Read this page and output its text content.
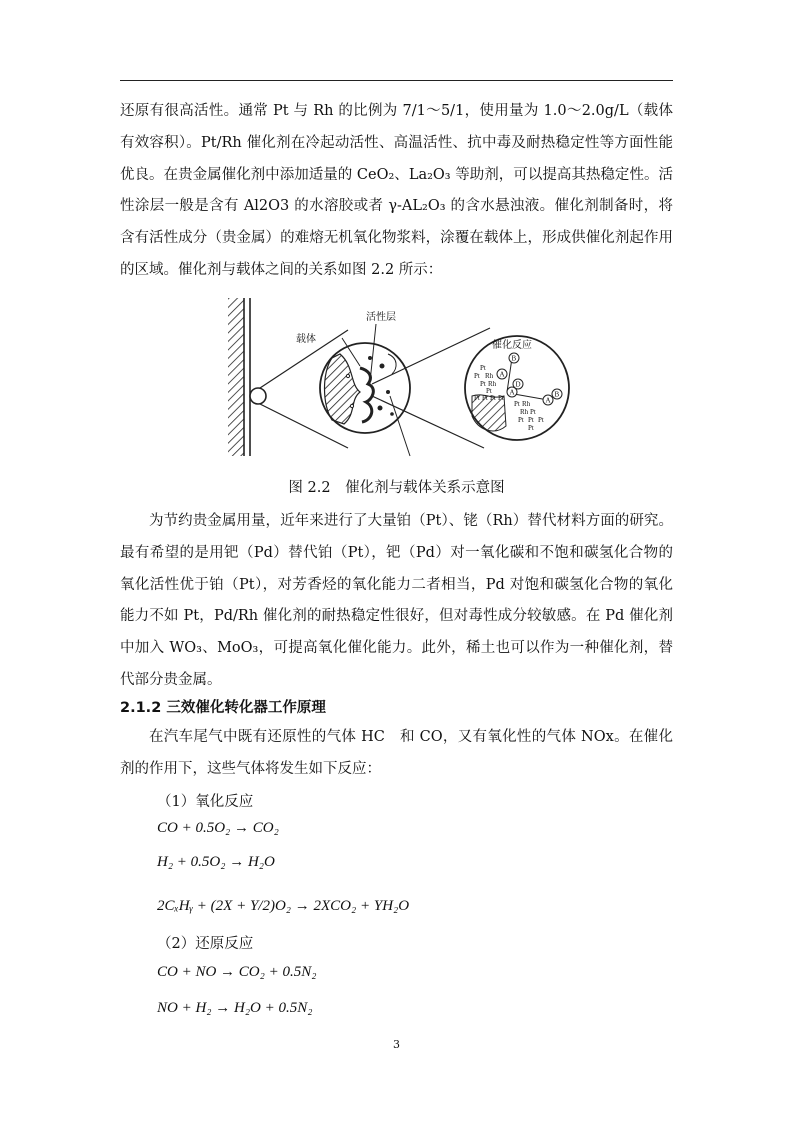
还原有很高活性。通常 Pt 与 Rh 的比例为 7/1～5/1，使用量为 1.0～2.0g/L（载体有效容积）。Pt/Rh 催化剂在冷起动活性、高温活性、抗中毒及耐热稳定性等方面性能优良。在贵金属催化剂中添加适量的 CeO₂、La₂O₃ 等助剂，可以提高其热稳定性。活性涂层一般是含有 Al2O3 的水溶胶或者 γ-AL₂O₃ 的含水悬浊液。催化剂制备时，将含有活性成分（贵金属）的难熔无机氧化物浆料，涂覆在载体上，形成供催化剂起作用的区域。催化剂与载体之间的关系如图 2.2 所示：

活性层
载体
催化反应
Pt
Pt Rh
Pt
Pt
Rh
Pt Pt Pt Pt
Pt Rh
Rh Pt
Pt Pt Pt
Pt
B
A
D
A
A
B

图 2.2　催化剂与载体关系示意图

为节约贵金属用量，近年来进行了大量铂（Pt）、铑（Rh）替代材料方面的研究。最有希望的是用钯（Pd）替代铂（Pt），钯（Pd）对一氧化碳和不饱和碳氢化合物的氧化活性优于铂（Pt），对芳香烃的氧化能力二者相当，Pd 对饱和碳氢化合物的氧化能力不如 Pt，Pd/Rh 催化剂的耐热稳定性很好，但对毒性成分较敏感。在 Pd 催化剂中加入 WO₃、MoO₃，可提高氧化催化能力。此外，稀土也可以作为一种催化剂，替代部分贵金属。

2.1.2 三效催化转化器工作原理

在汽车尾气中既有还原性的气体 HC　和 CO，又有氧化性的气体 NOx。在催化剂的作用下，这些气体将发生如下反应：

（1）氧化反应

CO + 0.5O₂ → CO₂

H₂ + 0.5O₂ → H₂O

2CₓHᵧ + (2X + Y/2)O₂ → 2XCO₂ + YH₂O

（2）还原反应

CO + NO → CO₂ + 0.5N₂

NO + H₂ → H₂O + 0.5N₂

3
